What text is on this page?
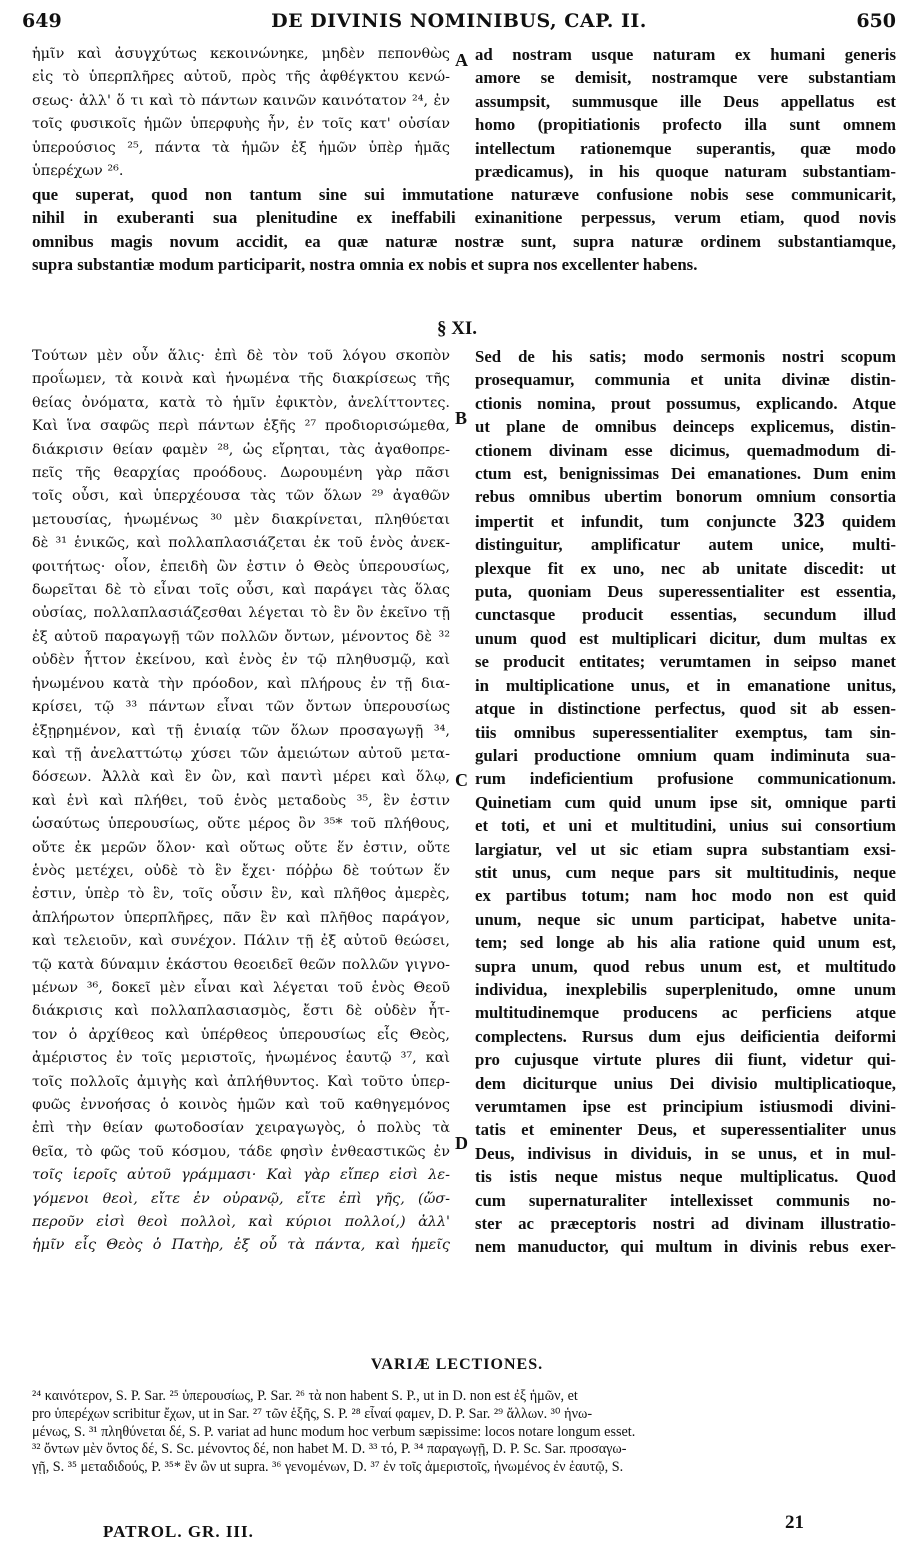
649	DE DIVINIS NOMINIBUS, CAP. II.	650
ἡμῖν καὶ ἀσυγχύτως κεκοινώνηκε, μηδὲν πεπονθὼς
εἰς τὸ ὑπερπλῆρες αὐτοῦ, πρὸς τῆς ἀφθέγκτου κενώ-
σεως· ἀλλ' ὅ τι καὶ τὸ πάντων καινῶν καινότατον ²⁴, ἐν
τοῖς φυσικοῖς ἡμῶν ὑπερφυὴς ἦν, ἐν τοῖς κατ' οὐσίαν
ὑπερούσιος ²⁵, πάντα τὰ ἡμῶν ἐξ ἡμῶν ὑπὲρ ἡμᾶς
ὑπερέχων ²⁶.
A ad nostram usque naturam ex humani generis
amore se demisit, nostramque vere substantiam
assumpsit, summusque ille Deus appellatus est
homo (propitiationis profecto illa sunt omnem
intellectum rationemque superantis, quæ modo
prædicamus), in his quoque naturam substantiam-
que superat, quod non tantum sine sui immutatione naturæve confusione nobis sese communicarit,
nihil in exuberanti sua plenitudine ex ineffabili exinanitione perpessus, verum etiam, quod novis
omnibus magis novum accidit, ea quæ naturæ nostræ sunt, supra naturæ ordinem substantiamque,
supra substantiæ modum participarit, nostra omnia ex nobis et supra nos excellenter habens.
§ XI.
Τούτων μὲν οὖν ἅλις· ἐπὶ δὲ τὸν τοῦ λόγου σκοπὸν
προΐωμεν, τὰ κοινὰ καὶ ἡνωμένα τῆς διακρίσεως τῆς
θείας ὀνόματα, κατὰ τὸ ἡμῖν ἐφικτὸν, ἀνελίττοντες.
Καὶ ἵνα σαφῶς περὶ πάντων ἑξῆς ²⁷ προδιορισώμεθα,
διάκρισιν θείαν φαμὲν ²⁸, ὡς εἴρηται, τὰς ἀγαθοπρε-
πεῖς τῆς θεαρχίας προόδους. Δωρουμένη γὰρ πᾶσι
τοῖς οὖσι, καὶ ὑπερχέουσα τὰς τῶν ὅλων ²⁹ ἀγαθῶν
μετουσίας, ἡνωμένως ³⁰ μὲν διακρίνεται, πληθύεται
δὲ ³¹ ἑνικῶς, καὶ πολλαπλασιάζεται ἐκ τοῦ ἑνὸς ἀνεκ-
φοιτήτως· οἷον, ἐπειδὴ ὢν ἐστιν ὁ Θεὸς ὑπερουσίως,
δωρεῖται δὲ τὸ εἶναι τοῖς οὖσι, καὶ παράγει τὰς ὅλας
οὐσίας, πολλαπλασιάζεσθαι λέγεται τὸ ἓν ὂν ἐκεῖνο τῇ
ἐξ αὐτοῦ παραγωγῇ τῶν πολλῶν ὄντων, μένοντος δὲ ³²
οὐδὲν ἧττον ἐκείνου, καὶ ἑνὸς ἐν τῷ πληθυσμῷ, καὶ
ἡνωμένου κατὰ τὴν πρόοδον, καὶ πλήρους ἐν τῇ δια-
κρίσει, τῷ ³³ πάντων εἶναι τῶν ὄντων ὑπερουσίως
ἐξῃρημένον, καὶ τῇ ἑνιαίᾳ τῶν ὅλων προσαγωγῇ ³⁴,
καὶ τῇ ἀνελαττώτῳ χύσει τῶν ἀμειώτων αὐτοῦ μετα-
δόσεων. Ἀλλὰ καὶ ἓν ὢν, καὶ παντὶ μέρει καὶ ὅλῳ,
καὶ ἑνὶ καὶ πλήθει, τοῦ ἑνὸς μεταδοὺς ³⁵, ἓν ἐστιν
ὡσαύτως ὑπερουσίως, οὔτε μέρος ὂν ³⁵* τοῦ πλήθους,
οὔτε ἐκ μερῶν ὅλον· καὶ οὕτως οὔτε ἕν ἐστιν, οὔτε
ἑνὸς μετέχει, οὐδὲ τὸ ἓν ἔχει· πόῤῥω δὲ τούτων ἕν
ἐστιν, ὑπὲρ τὸ ἓν, τοῖς οὖσιν ἓν, καὶ πλῆθος ἀμερὲς,
ἀπλήρωτον ὑπερπλῆρες, πᾶν ἓν καὶ πλῆθος παράγον,
καὶ τελειοῦν, καὶ συνέχον. Πάλιν τῇ ἐξ αὐτοῦ θεώσει,
τῷ κατὰ δύναμιν ἑκάστου θεοειδεῖ θεῶν πολλῶν γιγνο-
μένων ³⁶, δοκεῖ μὲν εἶναι καὶ λέγεται τοῦ ἑνὸς Θεοῦ
διάκρισις καὶ πολλαπλασιασμὸς, ἔστι δὲ οὐδὲν ἧτ-
τον ὁ ἀρχίθεος καὶ ὑπέρθεος ὑπερουσίως εἷς Θεὸς,
ἀμέριστος ἐν τοῖς μεριστοῖς, ἡνωμένος ἑαυτῷ ³⁷, καὶ
τοῖς πολλοῖς ἀμιγὴς καὶ ἀπλήθυντος. Καὶ τοῦτο ὑπερ-
φυῶς ἐννοήσας ὁ κοινὸς ἡμῶν καὶ τοῦ καθηγεμόνος
ἐπὶ τὴν θείαν φωτοδοσίαν χειραγωγὸς, ὁ πολὺς τὰ
θεῖα, τὸ φῶς τοῦ κόσμου, τάδε φησὶν ἐνθεαστικῶς ἐν
τοῖς ἱεροῖς αὐτοῦ γράμμασι· Καὶ γὰρ εἴπερ εἰσὶ λε-
γόμενοι θεοὶ, εἴτε ἐν οὐρανῷ, εἴτε ἐπὶ γῆς, (ὥσ-
περοῦν εἰσὶ θεοὶ πολλοὶ, καὶ κύριοι πολλοί,) ἀλλ'
ἡμῖν εἷς Θεὸς ὁ Πατὴρ, ἐξ οὗ τὰ πάντα, καὶ ἡμεῖς
B
C
D
Sed de his satis; modo sermonis nostri scopum
prosequamur, communia et unita divinæ distin-
ctionis nomina, prout possumus, explicando. Atque
ut plane de omnibus deinceps explicemus, distin-
ctionem divinam esse dicimus, quemadmodum di-
ctum est, benignissimas Dei emanationes. Dum enim
rebus omnibus ubertim bonorum omnium consortia
impertit et infundit, tum conjuncte 323 quidem
distinguitur, amplificatur autem unice, multi-
plexque fit ex uno, nec ab unitate discedit: ut
puta, quoniam Deus superessentialiter est essentia,
cunctasque producit essentias, secundum illud
unum quod est multiplicari dicitur, dum multas ex
se producit entitates; verumtamen in seipso manet
in multiplicatione unus, et in emanatione unitus,
atque in distinctione perfectus, quod sit ab essen-
tiis omnibus superessentialiter exemptus, tam sin-
gulari productione omnium quam indiminuta sua-
rum indeficientium profusione communicationum.
Quinetiam cum quid unum ipse sit, omnique parti
et toti, et uni et multitudini, unius sui consortium
largiatur, vel ut sic etiam supra substantiam exsi-
stit unus, cum neque pars sit multitudinis, neque
ex partibus totum; nam hoc modo non est quid
unum, neque sic unum participat, habetve unita-
tem; sed longe ab his alia ratione quid unum est,
supra unum, quod rebus unum est, et multitudo
individua, inexplebilis superplenitudo, omne unum
multitudinemque producens ac perficiens atque
complectens. Rursus dum ejus deificientia deiformi
pro cujusque virtute plures dii fiunt, videtur qui-
dem diciturque unius Dei divisio multiplicatioque,
verumtamen ipse est principium istiusmodi divini-
tatis et eminenter Deus, et superessentialiter unus
Deus, indivisus in dividuis, in se unus, et in mul-
tis istis neque mistus neque multiplicatus. Quod
cum supernaturaliter intellexisset communis no-
ster ac præceptoris nostri ad divinam illustratio-
nem manuductor, qui multum in divinis rebus exer-
VARIÆ LECTIONES.
²⁴ καινότερον, S. P. Sar. ²⁵ ὑπερουσίως, P. Sar. ²⁶ τὰ non habent S. P., ut in D. non est ἐξ ἡμῶν, et
pro ὑπερέχων scribitur ἔχων, ut in Sar. ²⁷ τῶν ἑξῆς, S. P. ²⁸ εἶναί φαμεν, D. P. Sar. ²⁹ ἄλλων. ³⁰ ἡνω-
μένως, S. ³¹ πληθύνεται δέ, S. P. variat ad hunc modum hoc verbum sæpissime: locos notare longum esset.
³² ὄντων μὲν ὄντος δέ, S. Sc. μένοντος δέ, non habet M. D. ³³ τό, P. ³⁴ παραγωγῇ, D. P. Sc. Sar. προσαγω-
γῇ, S. ³⁵ μεταδιδούς, P. ³⁵* ἓν ὢν ut supra. ³⁶ γενομένων, D. ³⁷ ἐν τοῖς ἀμεριστοῖς, ἡνωμένος ἐν ἑαυτῷ, S.
PATROL. GR. III.	21
